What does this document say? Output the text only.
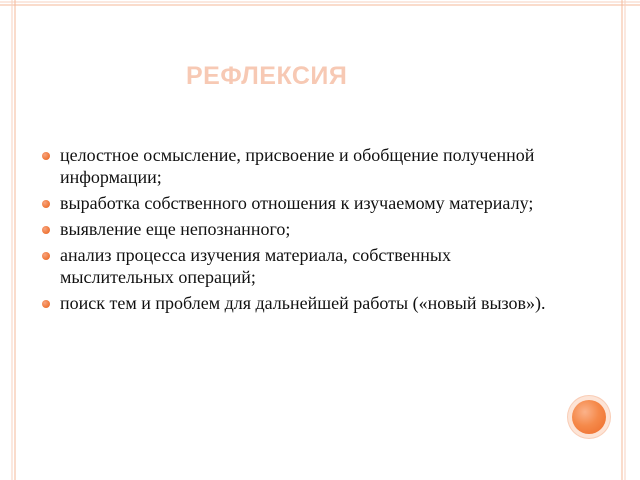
РЕФЛЕКСИЯ
целостное осмысление, присвоение и обобщение полученной информации;
выработка собственного отношения к изучаемому материалу;
выявление еще непознанного;
анализ процесса изучения материала, собственных мыслительных операций;
поиск тем и проблем для дальнейшей работы («новый вызов»).
